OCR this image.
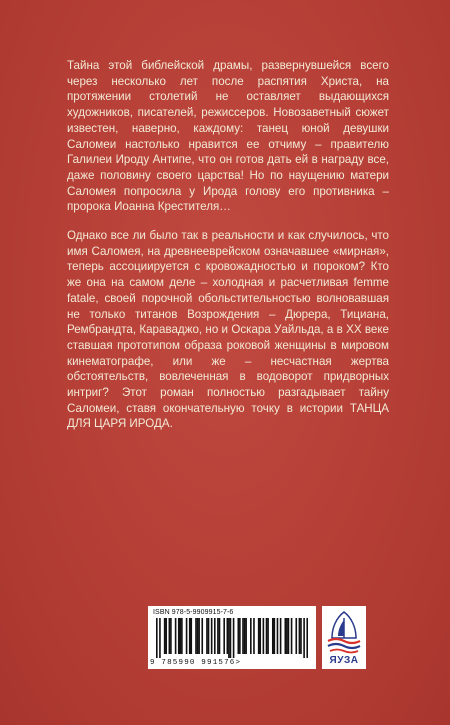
Тайна этой библейской драмы, развернувшейся всего через несколько лет после распятия Христа, на протяжении столетий не оставляет выдающихся художников, писателей, режиссеров. Новозаветный сюжет известен, наверно, каждому: танец юной девушки Саломеи настолько нравится ее отчиму – правителю Галилеи Ироду Антипе, что он готов дать ей в награду все, даже половину своего царства! Но по наущению матери Саломея попросила у Ирода голову его противника – пророка Иоанна Крестителя…

Однако все ли было так в реальности и как случилось, что имя Саломея, на древнееврейском означавшее «мирная», теперь ассоциируется с кровожадностью и пороком? Кто же она на самом деле – холодная и расчетливая femme fatale, своей порочной обольстительностью волновавшая не только титанов Возрождения – Дюрера, Тициана, Рембрандта, Караваджо, но и Оскара Уайльда, а в XX веке ставшая прототипом образа роковой женщины в мировом кинематографе, или же – несчастная жертва обстоятельств, вовлеченная в водоворот придворных интриг? Этот роман полностью разгадывает тайну Саломеи, ставя окончательную точку в истории ТАНЦА ДЛЯ ЦАРЯ ИРОДА.

ISBN 978-5-9909915-7-6
9 785990 991576>	ЯУЗА
